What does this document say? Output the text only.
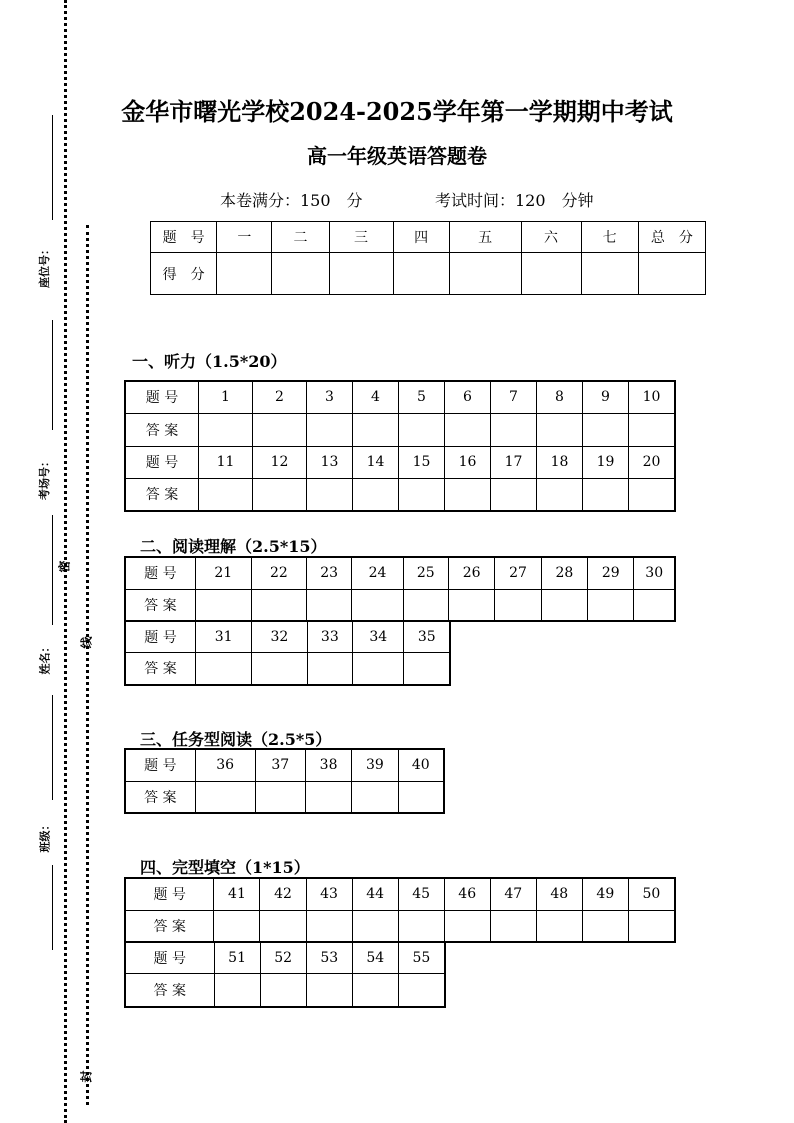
座位号：
考场号：
姓名：
班级：
密
线
封
金华市曙光学校2024-2025学年第一学期期中考试
高一年级英语答题卷
本卷满分：150　分	考试时间：120　分钟
题　号	一	二	三	四	五	六	七	总　分
得　分								
一、听力（1.5*20）
题 号	1	2	3	4	5	6	7	8	9	10
答 案										
题 号	11	12	13	14	15	16	17	18	19	20
答 案										
二、阅读理解（2.5*15）
题 号	21	22	23	24	25	26	27	28	29	30
答 案										
题 号	31	32	33	34	35
答 案					
三、任务型阅读（2.5*5）
题 号	36	37	38	39	40
答 案					
四、完型填空（1*15）
题 号	41	42	43	44	45	46	47	48	49	50
答 案										
题 号	51	52	53	54	55
答 案					
